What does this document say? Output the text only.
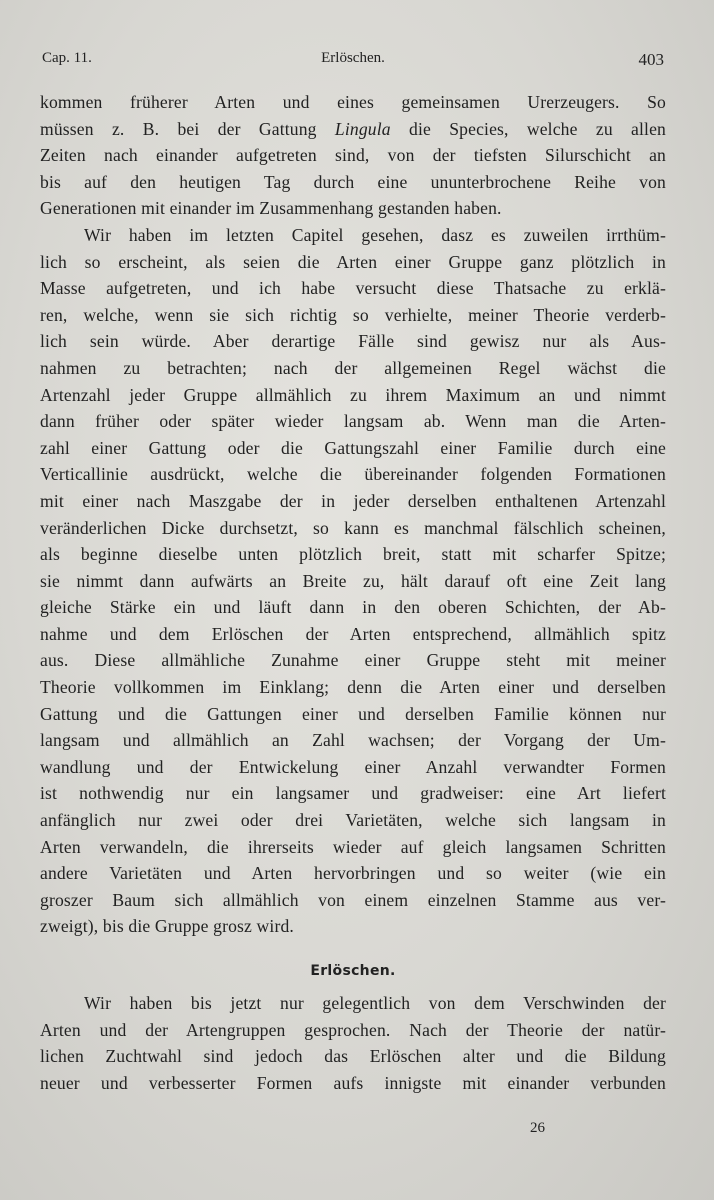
Cap. 11.	Erlöschen.	403
kommen früherer Arten und eines gemeinsamen Urerzeugers. So
müssen z. B. bei der Gattung Lingula die Species, welche zu allen
Zeiten nach einander aufgetreten sind, von der tiefsten Silurschicht an
bis auf den heutigen Tag durch eine ununterbrochene Reihe von
Generationen mit einander im Zusammenhang gestanden haben.
Wir haben im letzten Capitel gesehen, dasz es zuweilen irrthüm-
lich so erscheint, als seien die Arten einer Gruppe ganz plötzlich in
Masse aufgetreten, und ich habe versucht diese Thatsache zu erklä-
ren, welche, wenn sie sich richtig so verhielte, meiner Theorie verderb-
lich sein würde. Aber derartige Fälle sind gewisz nur als Aus-
nahmen zu betrachten; nach der allgemeinen Regel wächst die
Artenzahl jeder Gruppe allmählich zu ihrem Maximum an und nimmt
dann früher oder später wieder langsam ab. Wenn man die Arten-
zahl einer Gattung oder die Gattungszahl einer Familie durch eine
Verticallinie ausdrückt, welche die übereinander folgenden Formationen
mit einer nach Maszgabe der in jeder derselben enthaltenen Artenzahl
veränderlichen Dicke durchsetzt, so kann es manchmal fälschlich scheinen,
als beginne dieselbe unten plötzlich breit, statt mit scharfer Spitze;
sie nimmt dann aufwärts an Breite zu, hält darauf oft eine Zeit lang
gleiche Stärke ein und läuft dann in den oberen Schichten, der Ab-
nahme und dem Erlöschen der Arten entsprechend, allmählich spitz
aus. Diese allmähliche Zunahme einer Gruppe steht mit meiner
Theorie vollkommen im Einklang; denn die Arten einer und derselben
Gattung und die Gattungen einer und derselben Familie können nur
langsam und allmählich an Zahl wachsen; der Vorgang der Um-
wandlung und der Entwickelung einer Anzahl verwandter Formen
ist nothwendig nur ein langsamer und gradweiser: eine Art liefert
anfänglich nur zwei oder drei Varietäten, welche sich langsam in
Arten verwandeln, die ihrerseits wieder auf gleich langsamen Schritten
andere Varietäten und Arten hervorbringen und so weiter (wie ein
groszer Baum sich allmählich von einem einzelnen Stamme aus ver-
zweigt), bis die Gruppe grosz wird.
Erlöschen.
Wir haben bis jetzt nur gelegentlich von dem Verschwinden der
Arten und der Artengruppen gesprochen. Nach der Theorie der natür-
lichen Zuchtwahl sind jedoch das Erlöschen alter und die Bildung
neuer und verbesserter Formen aufs innigste mit einander verbunden
26
